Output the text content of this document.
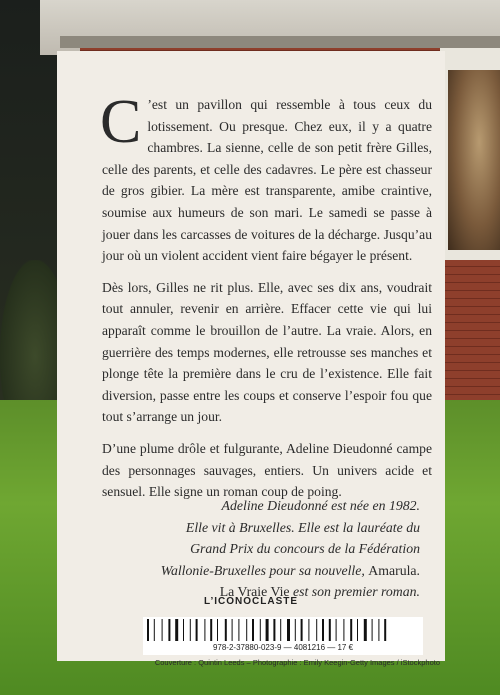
C ’est un pavillon qui ressemble à tous ceux du lotissement. Ou presque. Chez eux, il y a quatre chambres. La sienne, celle de son petit frère Gilles, celle des parents, et celle des cadavres. Le père est chasseur de gros gibier. La mère est transparente, amibe craintive, soumise aux humeurs de son mari. Le samedi se passe à jouer dans les carcasses de voitures de la décharge. Jusqu’au jour où un violent accident vient faire bégayer le présent.

Dès lors, Gilles ne rit plus. Elle, avec ses dix ans, voudrait tout annuler, revenir en arrière. Effacer cette vie qui lui apparaît comme le brouillon de l’autre. La vraie. Alors, en guerrière des temps modernes, elle retrousse ses manches et plonge tête la première dans le cru de l’existence. Elle fait diversion, passe entre les coups et conserve l’espoir fou que tout s’arrange un jour.

D’une plume drôle et fulgurante, Adeline Dieudonné campe des personnages sauvages, entiers. Un univers acide et sensuel. Elle signe un roman coup de poing.

Adeline Dieudonné est née en 1982.
Elle vit à Bruxelles. Elle est la lauréate du
Grand Prix du concours de la Fédération
Wallonie-Bruxelles pour sa nouvelle, Amarula.
La Vraie Vie est son premier roman.
L’ICONOCLASTE
978-2-37880-023-9 — 4081216 — 17 €
Couverture : Quintin Leeds – Photographie : Emily Keegin-Getty Images / iStockphoto
